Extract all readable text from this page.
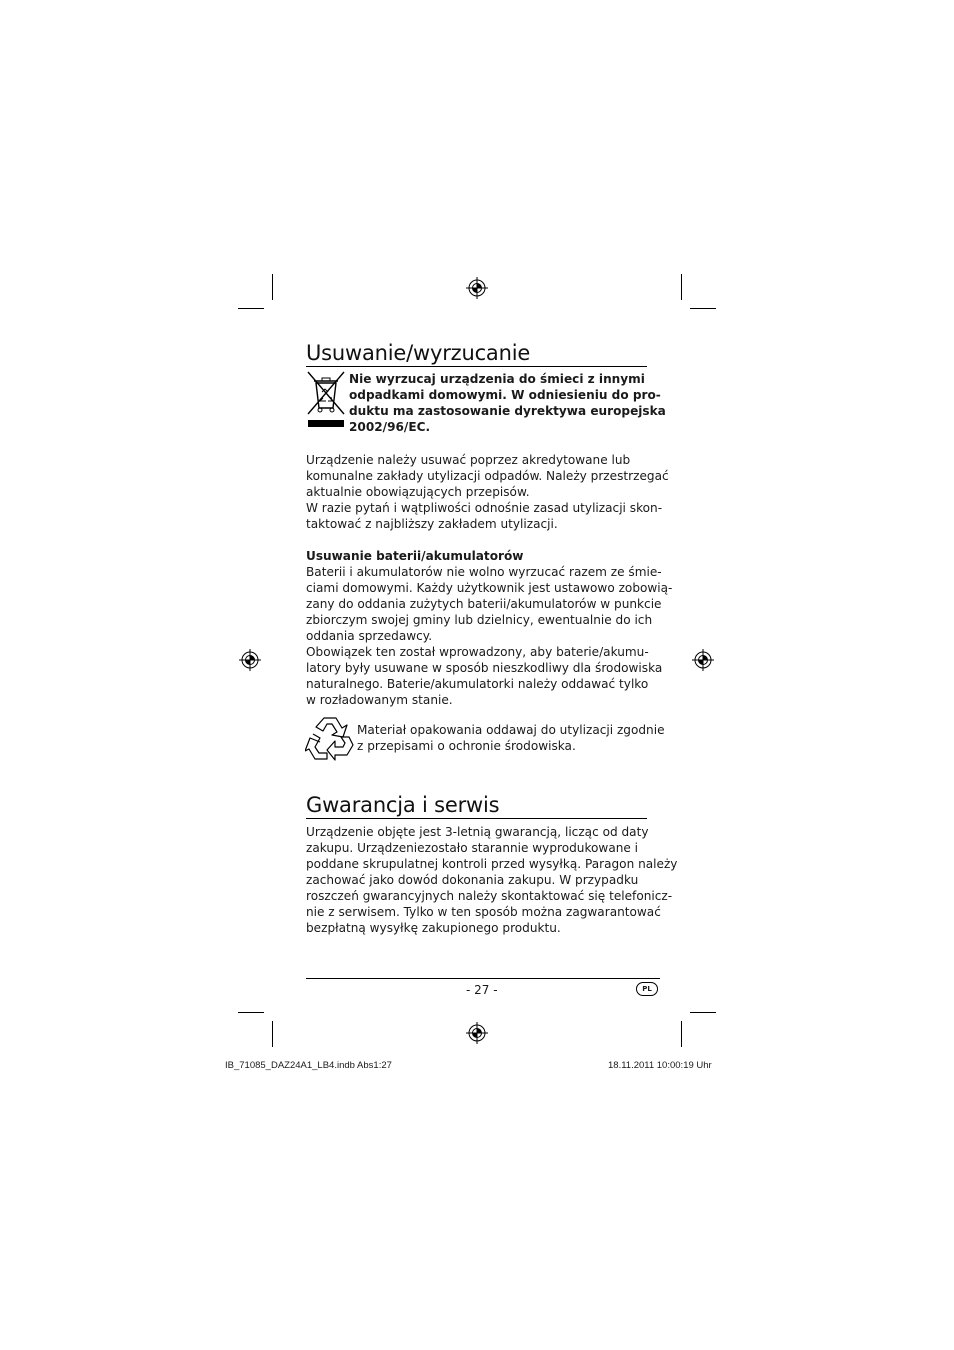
Usuwanie/wyrzucanie

Nie wyrzucaj urządzenia do śmieci z innymi

odpadkami domowymi. W odniesieniu do pro-

duktu ma zastosowanie dyrektywa europejska

2002/96/EC.

Urządzenie należy usuwać poprzez akredytowane lub

komunalne zakłady utylizacji odpadów. Należy przestrzegać

aktualnie obowiązujących przepisów.

W razie pytań i wątpliwości odnośnie zasad utylizacji skon-

taktować z najbliższy zakładem utylizacji.

Usuwanie baterii/akumulatorów

Baterii i akumulatorów nie wolno wyrzucać razem ze śmie-

ciami domowymi. Każdy użytkownik jest ustawowo zobowią-

zany do oddania zużytych baterii/akumulatorów w punkcie

zbiorczym swojej gminy lub dzielnicy, ewentualnie do ich

oddania sprzedawcy.

Obowiązek ten został wprowadzony, aby baterie/akumu-

latory były usuwane w sposób nieszkodliwy dla środowiska

naturalnego. Baterie/akumulatorki należy oddawać tylko

w rozładowanym stanie.

Materiał opakowania oddawaj do utylizacji zgodnie

z przepisami o ochronie środowiska.

Gwarancja i serwis

Urządzenie objęte jest 3-letnią gwarancją, licząc od daty

zakupu. Urządzeniezostało starannie wyprodukowane i

poddane skrupulatnej kontroli przed wysyłką. Paragon należy

zachować jako dowód dokonania zakupu. W przypadku

roszczeń gwarancyjnych należy skontaktować się telefonicz-

nie z serwisem. Tylko w ten sposób można zagwarantować

bezpłatną wysyłkę zakupionego produktu.

- 27 -	PL
IB_71085_DAZ24A1_LB4.indb Abs1:27	18.11.2011 10:00:19 Uhr
